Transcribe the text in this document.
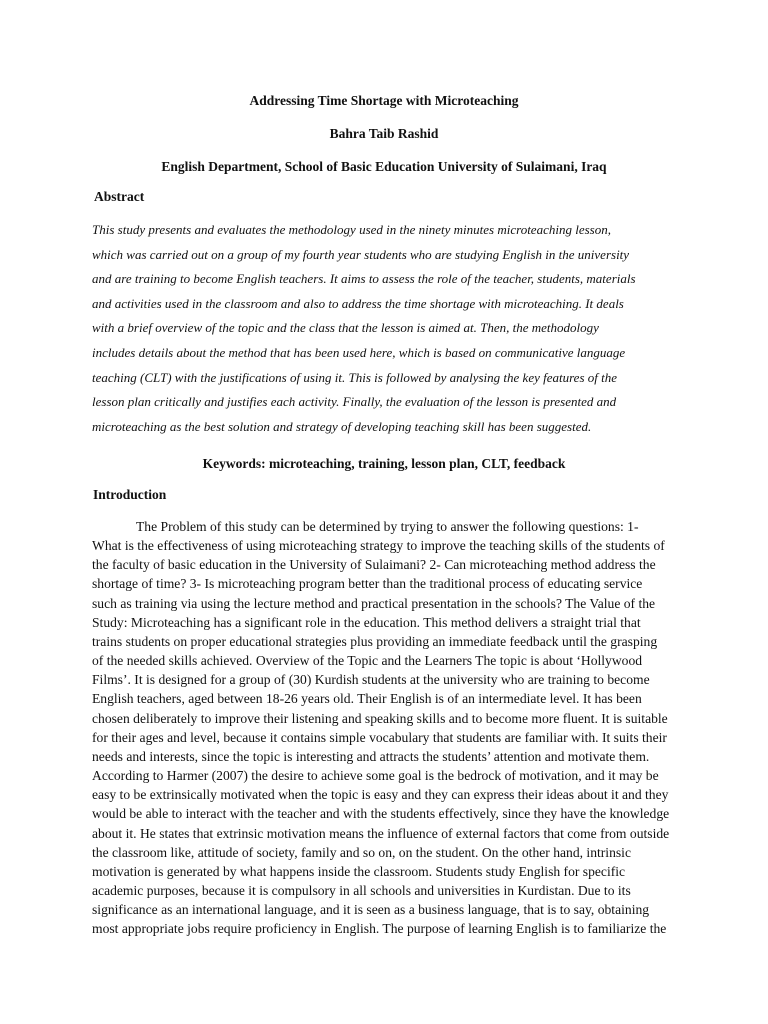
Addressing Time Shortage with Microteaching
Bahra Taib Rashid
English Department, School of Basic Education University of Sulaimani, Iraq
Abstract
This study presents and evaluates the methodology used in the ninety minutes microteaching lesson,
which was carried out on a group of my fourth year students who are studying English in the university
and are training to become English teachers. It aims to assess the role of the teacher, students, materials
and activities used in the classroom and also to address the time shortage with microteaching. It deals
with a brief overview of the topic and the class that the lesson is aimed at. Then, the methodology
includes details about the method that has been used here, which is based on communicative language
teaching (CLT) with the justifications of using it. This is followed by analysing the key features of the
lesson plan critically and justifies each activity. Finally, the evaluation of the lesson is presented and
microteaching as the best solution and strategy of developing teaching skill has been suggested.
Keywords: microteaching, training, lesson plan, CLT, feedback
Introduction
The Problem of this study can be determined by trying to answer the following questions: 1-
What is the effectiveness of using microteaching strategy to improve the teaching skills of the students of
the faculty of basic education in the University of Sulaimani? 2- Can microteaching method address the
shortage of time? 3- Is microteaching program better than the traditional process of educating service
such as training via using the lecture method and practical presentation in the schools? The Value of the
Study: Microteaching has a significant role in the education. This method delivers a straight trial that
trains students on proper educational strategies plus providing an immediate feedback until the grasping
of the needed skills achieved. Overview of the Topic and the Learners The topic is about ‘Hollywood
Films’. It is designed for a group of (30) Kurdish students at the university who are training to become
English teachers, aged between 18-26 years old. Their English is of an intermediate level. It has been
chosen deliberately to improve their listening and speaking skills and to become more fluent. It is suitable
for their ages and level, because it contains simple vocabulary that students are familiar with. It suits their
needs and interests, since the topic is interesting and attracts the students’ attention and motivate them.
According to Harmer (2007) the desire to achieve some goal is the bedrock of motivation, and it may be
easy to be extrinsically motivated when the topic is easy and they can express their ideas about it and they
would be able to interact with the teacher and with the students effectively, since they have the knowledge
about it. He states that extrinsic motivation means the influence of external factors that come from outside
the classroom like, attitude of society, family and so on, on the student. On the other hand, intrinsic
motivation is generated by what happens inside the classroom. Students study English for specific
academic purposes, because it is compulsory in all schools and universities in Kurdistan. Due to its
significance as an international language, and it is seen as a business language, that is to say, obtaining
most appropriate jobs require proficiency in English. The purpose of learning English is to familiarize the
